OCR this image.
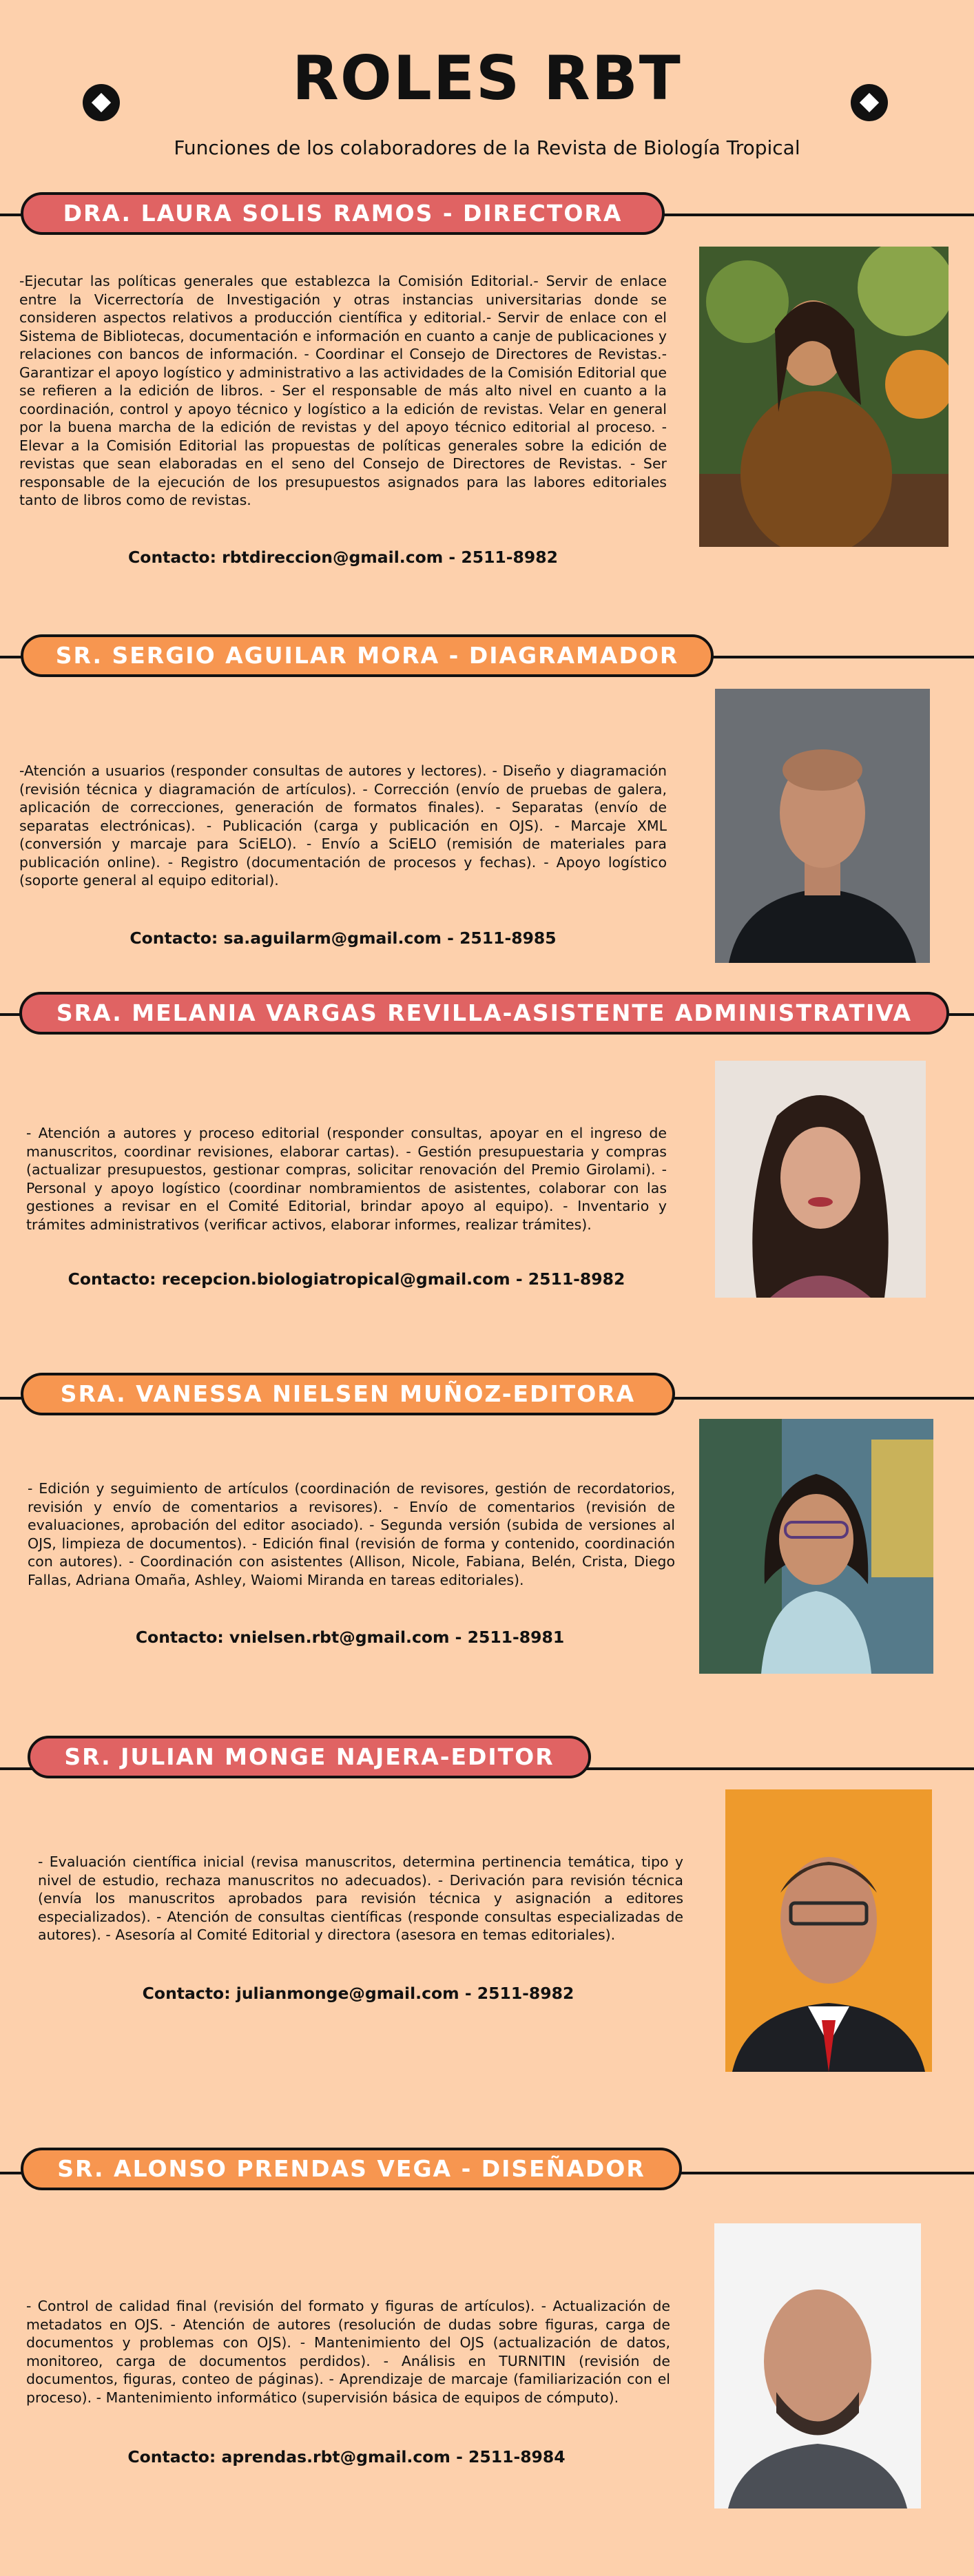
ROLES RBT
Funciones de los colaboradores de la Revista de Biología Tropical
DRA. LAURA SOLIS RAMOS - DIRECTORA

-Ejecutar las políticas generales que establezca la Comisión Editorial.- Servir de enlace entre la Vicerrectoría de Investigación y otras instancias universitarias donde se consideren aspectos relativos a producción científica y editorial.- Servir de enlace con el Sistema de Bibliotecas, documentación e información en cuanto a canje de publicaciones y relaciones con bancos de información. - Coordinar el Consejo de Directores de Revistas.- Garantizar el apoyo logístico y administrativo a las actividades de la Comisión Editorial que se refieren a la edición de libros. - Ser el responsable de más alto nivel en cuanto a la coordinación, control y apoyo técnico y logístico a la edición de revistas. Velar en general por la buena marcha de la edición de revistas y del apoyo técnico editorial al proceso. - Elevar a la Comisión Editorial las propuestas de políticas generales sobre la edición de revistas que sean elaboradas en el seno del Consejo de Directores de Revistas. - Ser responsable de la ejecución de los presupuestos asignados para las labores editoriales tanto de libros como de revistas.

Contacto: rbtdireccion@gmail.com - 2511-8982
SR. SERGIO AGUILAR MORA - DIAGRAMADOR

-Atención a usuarios (responder consultas de autores y lectores). - Diseño y diagramación (revisión técnica y diagramación de artículos). - Corrección (envío de pruebas de galera, aplicación de correcciones, generación de formatos finales). - Separatas (envío de separatas electrónicas). - Publicación (carga y publicación en OJS). - Marcaje XML (conversión y marcaje para SciELO). - Envío a SciELO (remisión de materiales para publicación online). - Registro (documentación de procesos y fechas). - Apoyo logístico (soporte general al equipo editorial).

Contacto: sa.aguilarm@gmail.com - 2511-8985
SRA. MELANIA VARGAS REVILLA-ASISTENTE ADMINISTRATIVA

- Atención a autores y proceso editorial (responder consultas, apoyar en el ingreso de manuscritos, coordinar revisiones, elaborar cartas). - Gestión presupuestaria y compras (actualizar presupuestos, gestionar compras, solicitar renovación del Premio Girolami). - Personal y apoyo logístico (coordinar nombramientos de asistentes, colaborar con las gestiones a revisar en el Comité Editorial, brindar apoyo al equipo). - Inventario y trámites administrativos (verificar activos, elaborar informes, realizar trámites).

Contacto: recepcion.biologiatropical@gmail.com - 2511-8982
SRA. VANESSA NIELSEN MUÑOZ-EDITORA

- Edición y seguimiento de artículos (coordinación de revisores, gestión de recordatorios, revisión y envío de comentarios a revisores). - Envío de comentarios (revisión de evaluaciones, aprobación del editor asociado). - Segunda versión (subida de versiones al OJS, limpieza de documentos). - Edición final (revisión de forma y contenido, coordinación con autores). - Coordinación con asistentes (Allison, Nicole, Fabiana, Belén, Crista, Diego Fallas, Adriana Omaña, Ashley, Waiomi Miranda en tareas editoriales).

Contacto: vnielsen.rbt@gmail.com - 2511-8981
SR. JULIAN MONGE NAJERA-EDITOR

- Evaluación científica inicial (revisa manuscritos, determina pertinencia temática, tipo y nivel de estudio, rechaza manuscritos no adecuados). - Derivación para revisión técnica (envía los manuscritos aprobados para revisión técnica y asignación a editores especializados). - Atención de consultas científicas (responde consultas especializadas de autores). - Asesoría al Comité Editorial y directora (asesora en temas editoriales).

Contacto: julianmonge@gmail.com - 2511-8982
SR. ALONSO PRENDAS VEGA - DISEÑADOR

- Control de calidad final (revisión del formato y figuras de artículos). - Actualización de metadatos en OJS. - Atención de autores (resolución de dudas sobre figuras, carga de documentos y problemas con OJS). - Mantenimiento del OJS (actualización de datos, monitoreo, carga de documentos perdidos). - Análisis en TURNITIN (revisión de documentos, figuras, conteo de páginas). - Aprendizaje de marcaje (familiarización con el proceso). - Mantenimiento informático (supervisión básica de equipos de cómputo).

Contacto: aprendas.rbt@gmail.com - 2511-8984
